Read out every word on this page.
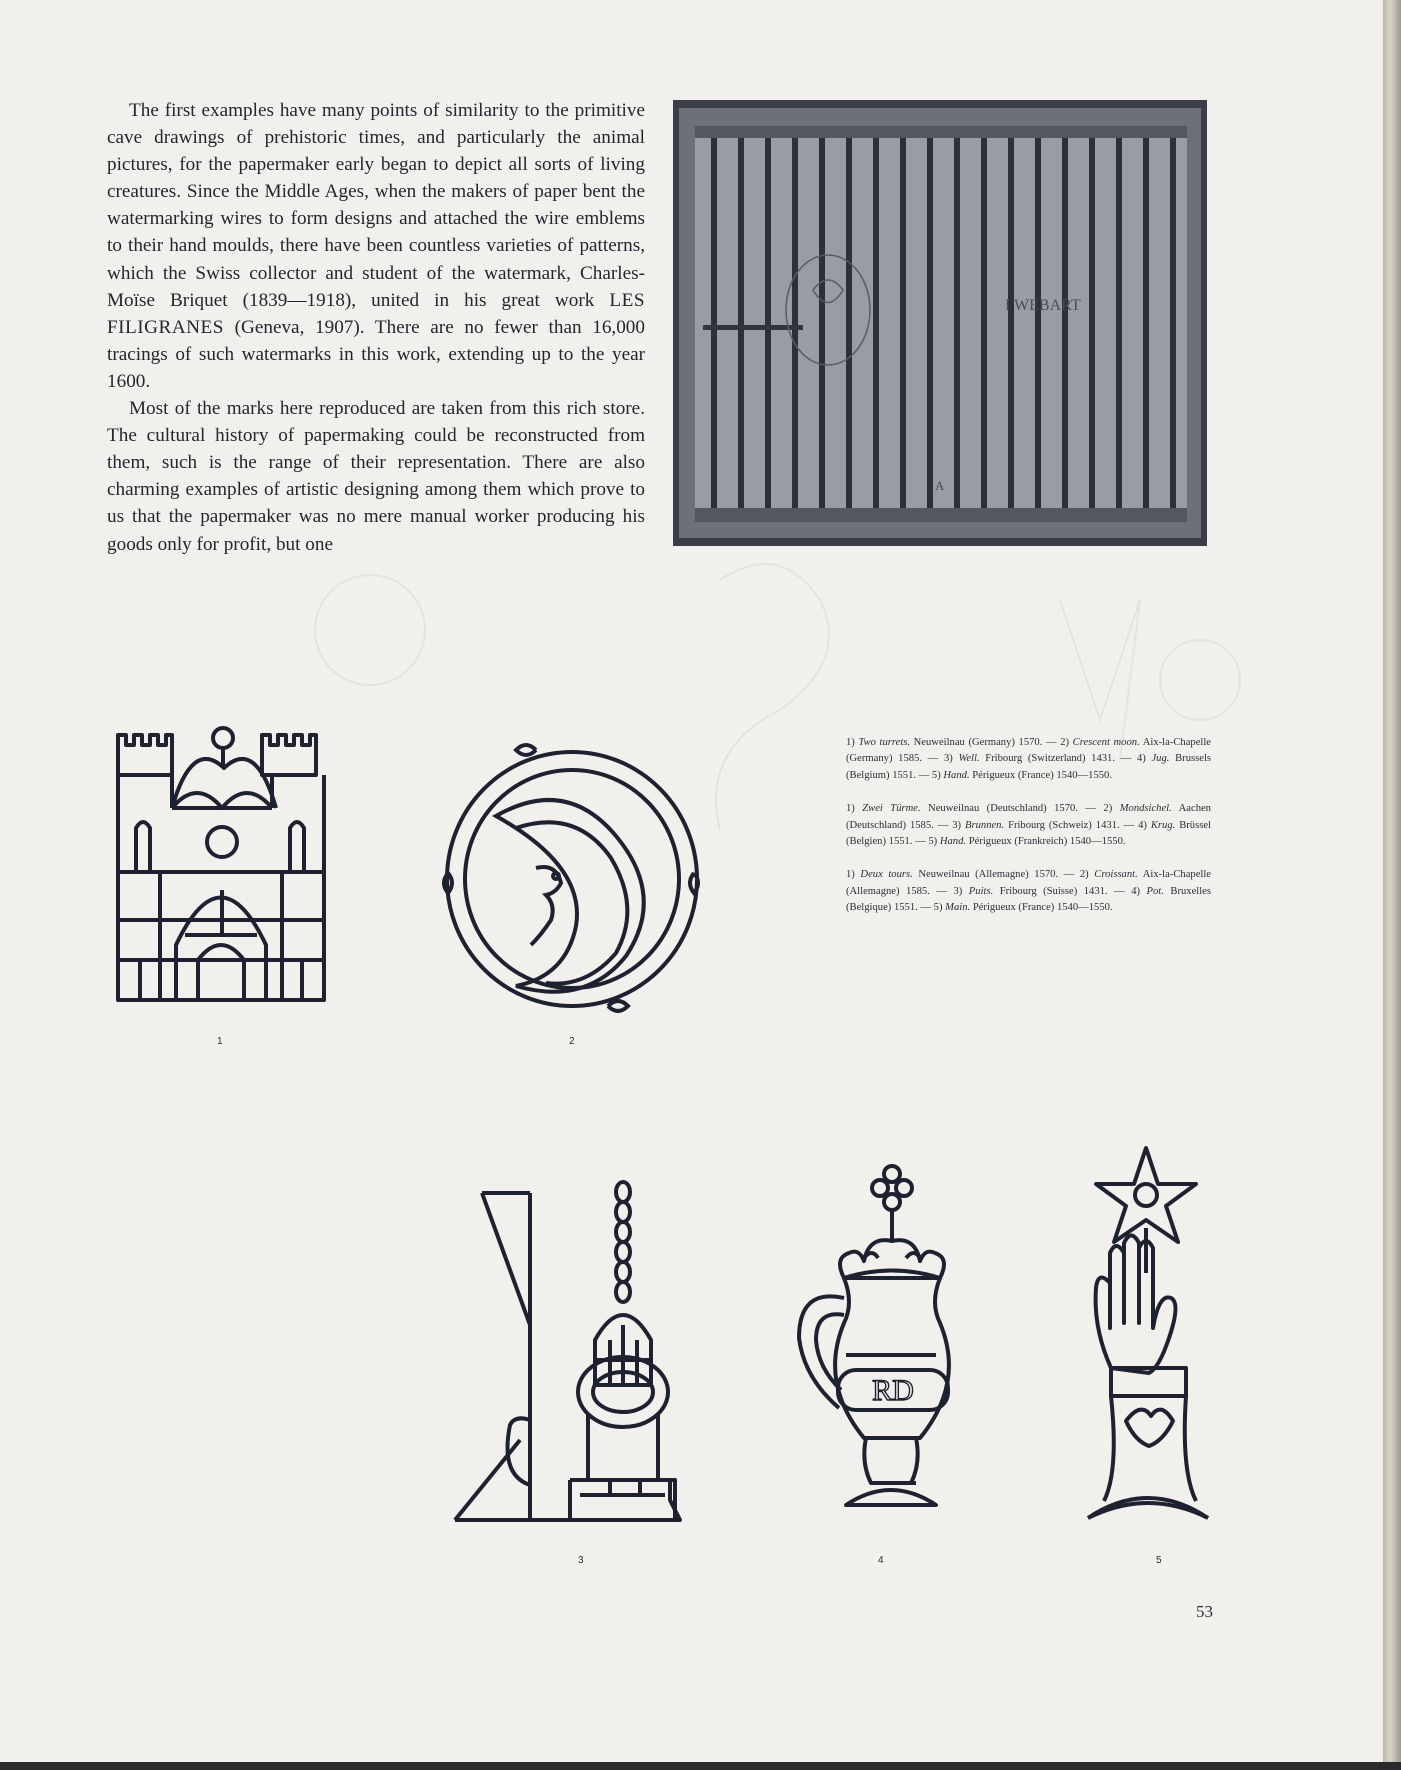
The first examples have many points of similarity to the primitive cave drawings of prehistoric times, and particularly the animal pictures, for the papermaker early began to depict all sorts of living creatures. Since the Middle Ages, when the makers of paper bent the watermarking wires to form designs and attached the wire emblems to their hand moulds, there have been countless varieties of patterns, which the Swiss collector and student of the watermark, Charles-Moïse Briquet (1839—1918), united in his great work LES FILIGRANES (Geneva, 1907). There are no fewer than 16,000 tracings of such watermarks in this work, extending up to the year 1600.

Most of the marks here reproduced are taken from this rich store. The cultural history of papermaking could be reconstructed from them, such is the range of their representation. There are also charming examples of artistic designing among them which prove to us that the papermaker was no mere manual worker producing his goods only for profit, but one

I WEBART
A

1) Two turrets. Neuweilnau (Germany) 1570. — 2) Crescent moon. Aix-la-Chapelle (Germany) 1585. — 3) Well. Fribourg (Switzerland) 1431. — 4) Jug. Brussels (Belgium) 1551. — 5) Hand. Périgueux (France) 1540—1550.

1) Zwei Türme. Neuweilnau (Deutschland) 1570. — 2) Mondsichel. Aachen (Deutschland) 1585. — 3) Brunnen. Fribourg (Schweiz) 1431. — 4) Krug. Brüssel (Belgien) 1551. — 5) Hand. Périgueux (Frankreich) 1540—1550.

1) Deux tours. Neuweilnau (Allemagne) 1570. — 2) Croissant. Aix-la-Chapelle (Allemagne) 1585. — 3) Puits. Fribourg (Suisse) 1431. — 4) Pot. Bruxelles (Belgique) 1551. — 5) Main. Périgueux (France) 1540—1550.

1	2
3
RD
4	5
53
